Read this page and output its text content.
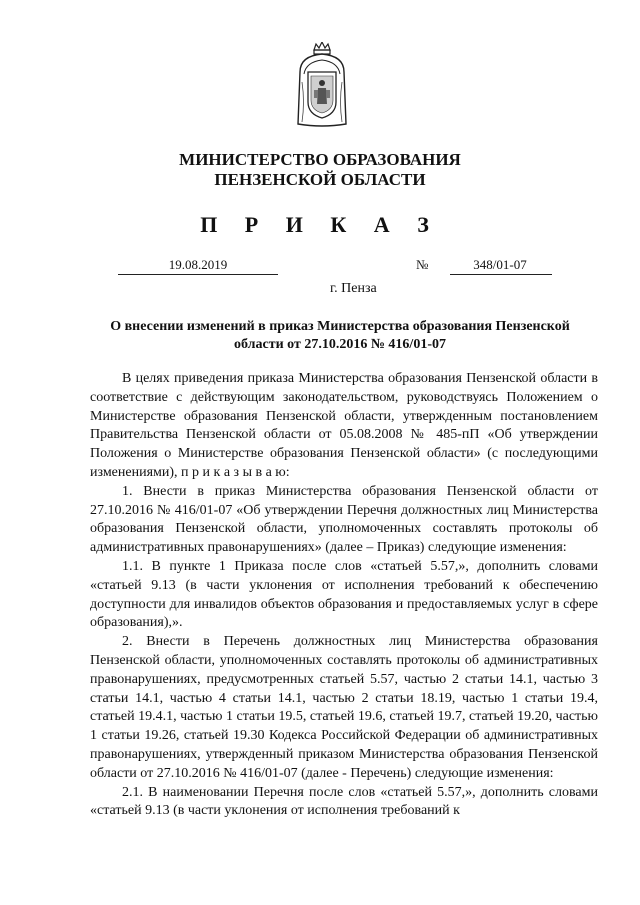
МИНИСТЕРСТВО ОБРАЗОВАНИЯ
ПЕНЗЕНСКОЙ ОБЛАСТИ
П Р И К А З
19.08.2019	№	348/01-07
г. Пенза
О внесении изменений в приказ Министерства образования Пензенской области от 27.10.2016 № 416/01-07

В целях приведения приказа Министерства образования Пензенской области в соответствие с действующим законодательством, руководствуясь Положением о Министерстве образования Пензенской области, утвержденным постановлением Правительства Пензенской области от 05.08.2008 № 485-пП «Об утверждении Положения о Министерстве образования Пензенской области» (с последующими изменениями), п р и к а з ы в а ю:

1. Внести в приказ Министерства образования Пензенской области от 27.10.2016 № 416/01-07 «Об утверждении Перечня должностных лиц Министерства образования Пензенской области, уполномоченных составлять протоколы об административных правонарушениях» (далее – Приказ) следующие изменения:

1.1. В пункте 1 Приказа после слов «статьей 5.57,», дополнить словами «статьей 9.13 (в части уклонения от исполнения требований к обеспечению доступности для инвалидов объектов образования и предоставляемых услуг в сфере образования),».

2. Внести в Перечень должностных лиц Министерства образования Пензенской области, уполномоченных составлять протоколы об административных правонарушениях, предусмотренных статьей 5.57, частью 2 статьи 14.1, частью 3 статьи 14.1, частью 4 статьи 14.1, частью 2 статьи 18.19, частью 1 статьи 19.4, статьей 19.4.1, частью 1 статьи 19.5, статьей 19.6, статьей 19.7, статьей 19.20, частью 1 статьи 19.26, статьей 19.30 Кодекса Российской Федерации об административных правонарушениях, утвержденный приказом Министерства образования Пензенской области от 27.10.2016 № 416/01-07 (далее - Перечень) следующие изменения:

2.1. В наименовании Перечня после слов «статьей 5.57,», дополнить словами «статьей 9.13 (в части уклонения от исполнения требований к
